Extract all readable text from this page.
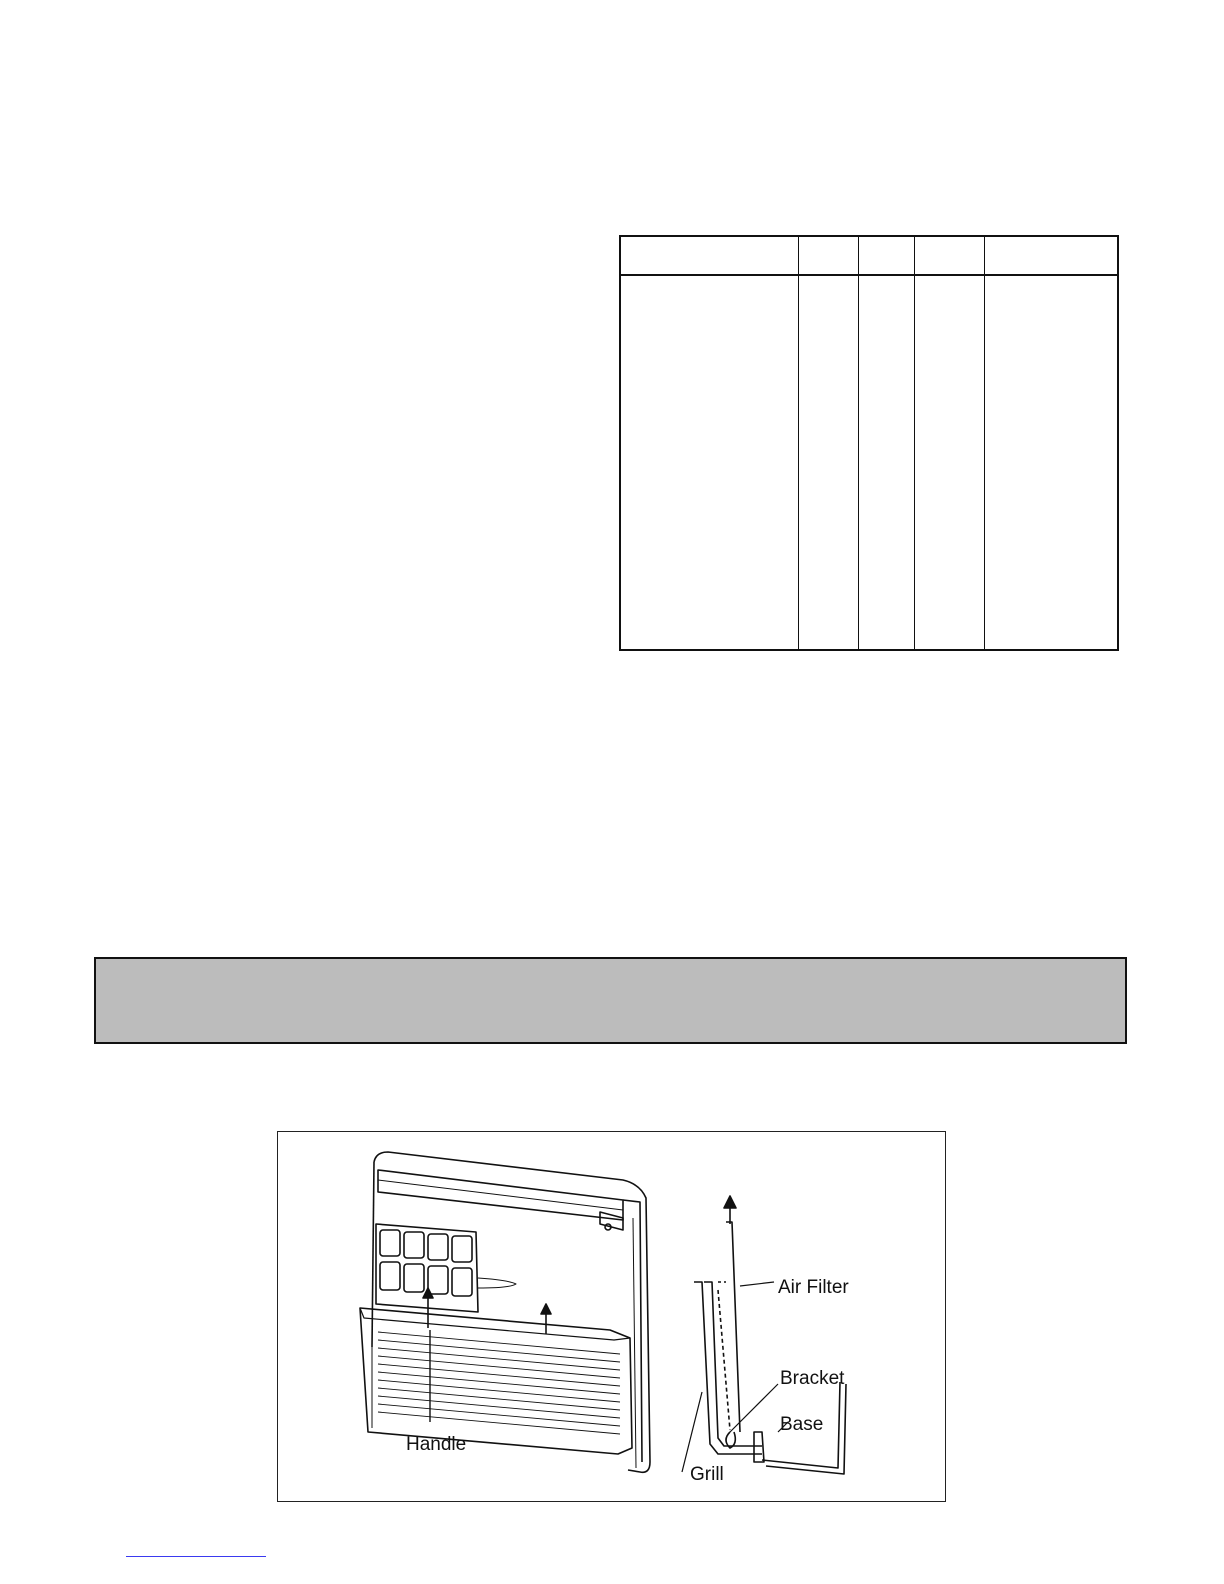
Air Filter
Bracket
Base
Handle
Grill
